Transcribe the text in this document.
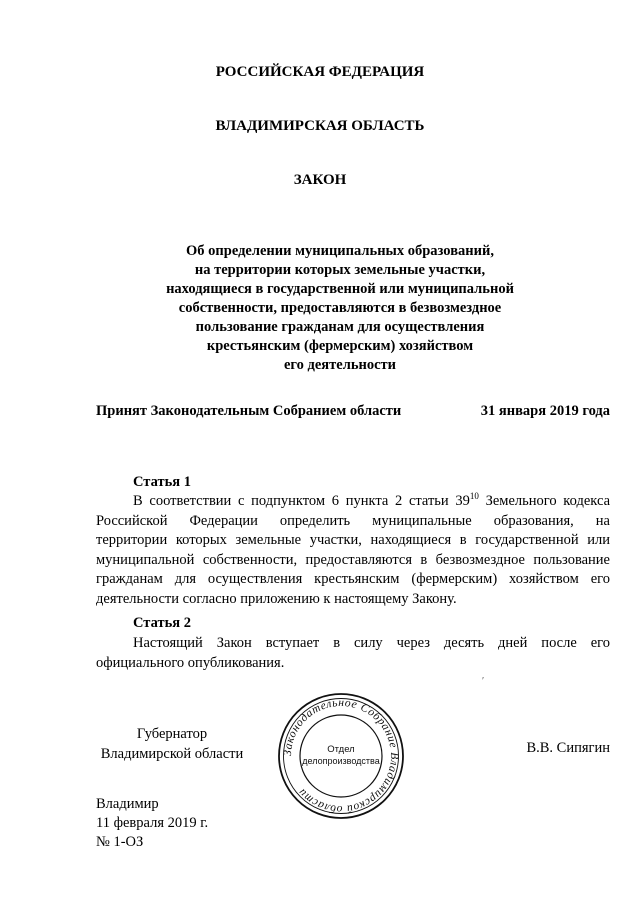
РОССИЙСКАЯ ФЕДЕРАЦИЯ
ВЛАДИМИРСКАЯ ОБЛАСТЬ
ЗАКОН

Об определении муниципальных образований,
на территории которых земельные участки,
находящиеся в государственной или муниципальной
собственности, предоставляются в безвозмездное
пользование гражданам для осуществления
крестьянским (фермерским) хозяйством
его деятельности

Принят Законодательным Собранием области	31 января 2019 года
Статья 1
В соответствии с подпунктом 6 пункта 2 статьи $39^{10}$ Земельного кодекса
Российской Федерации определить муниципальные образования, на
территории которых земельные участки, находящиеся в государственной или
муниципальной собственности, предоставляются в безвозмездное пользование
гражданам для осуществления крестьянским (фермерским) хозяйством его
деятельности согласно приложению к настоящему Закону.
Статья 2
Настоящий Закон вступает в силу через десять дней после его
официального опубликования.
′
Губернатор
Владимирской области	В.В. Сипягин
Законодательное Собрание Владимирской области
Отдел
делопроизводства
Владимир
11 февраля 2019 г.
№ 1-ОЗ
